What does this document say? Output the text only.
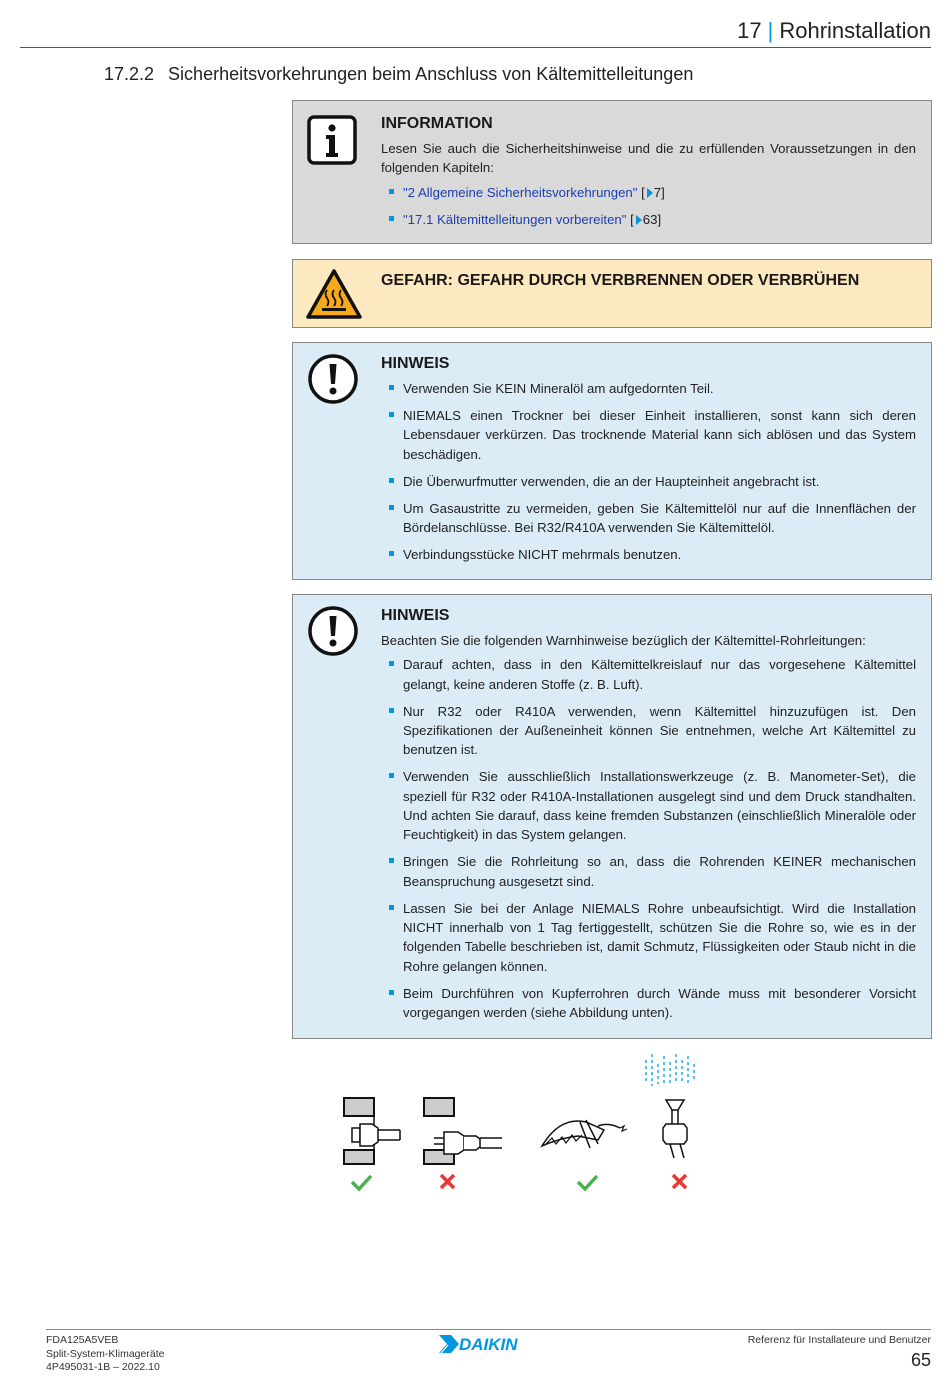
17 | Rohrinstallation
17.2.2 Sicherheitsvorkehrungen beim Anschluss von Kältemittelleitungen
INFORMATION
Lesen Sie auch die Sicherheitshinweise und die zu erfüllenden Voraussetzungen in den folgenden Kapiteln:
"2 Allgemeine Sicherheitsvorkehrungen" [ 7]
"17.1 Kältemittelleitungen vorbereiten" [ 63]
GEFAHR: GEFAHR DURCH VERBRENNEN ODER VERBRÜHEN
HINWEIS
Verwenden Sie KEIN Mineralöl am aufgedornten Teil.
NIEMALS einen Trockner bei dieser Einheit installieren, sonst kann sich deren Lebensdauer verkürzen. Das trocknende Material kann sich ablösen und das System beschädigen.
Die Überwurfmutter verwenden, die an der Haupteinheit angebracht ist.
Um Gasaustritte zu vermeiden, geben Sie Kältemittelöl nur auf die Innenflächen der Bördelanschlüsse. Bei R32/R410A verwenden Sie Kältemittelöl.
Verbindungsstücke NICHT mehrmals benutzen.
HINWEIS
Beachten Sie die folgenden Warnhinweise bezüglich der Kältemittel-Rohrleitungen:
Darauf achten, dass in den Kältemittelkreislauf nur das vorgesehene Kältemittel gelangt, keine anderen Stoffe (z. B. Luft).
Nur R32 oder R410A verwenden, wenn Kältemittel hinzuzufügen ist. Den Spezifikationen der Außeneinheit können Sie entnehmen, welche Art Kältemittel zu benutzen ist.
Verwenden Sie ausschließlich Installationswerkzeuge (z. B. Manometer-Set), die speziell für R32 oder R410A-Installationen ausgelegt sind und dem Druck standhalten. Und achten Sie darauf, dass keine fremden Substanzen (einschließlich Mineralöle oder Feuchtigkeit) in das System gelangen.
Bringen Sie die Rohrleitung so an, dass die Rohrenden KEINER mechanischen Beanspruchung ausgesetzt sind.
Lassen Sie bei der Anlage NIEMALS Rohre unbeaufsichtigt. Wird die Installation NICHT innerhalb von 1 Tag fertiggestellt, schützen Sie die Rohre so, wie es in der folgenden Tabelle beschrieben ist, damit Schmutz, Flüssigkeiten oder Staub nicht in die Rohre gelangen können.
Beim Durchführen von Kupferrohren durch Wände muss mit besonderer Vorsicht vorgegangen werden (siehe Abbildung unten).
FDA125A5VEB
Split-System-Klimageräte
4P495031-1B – 2022.10
DAIKIN	Referenz für Installateure und Benutzer
65
